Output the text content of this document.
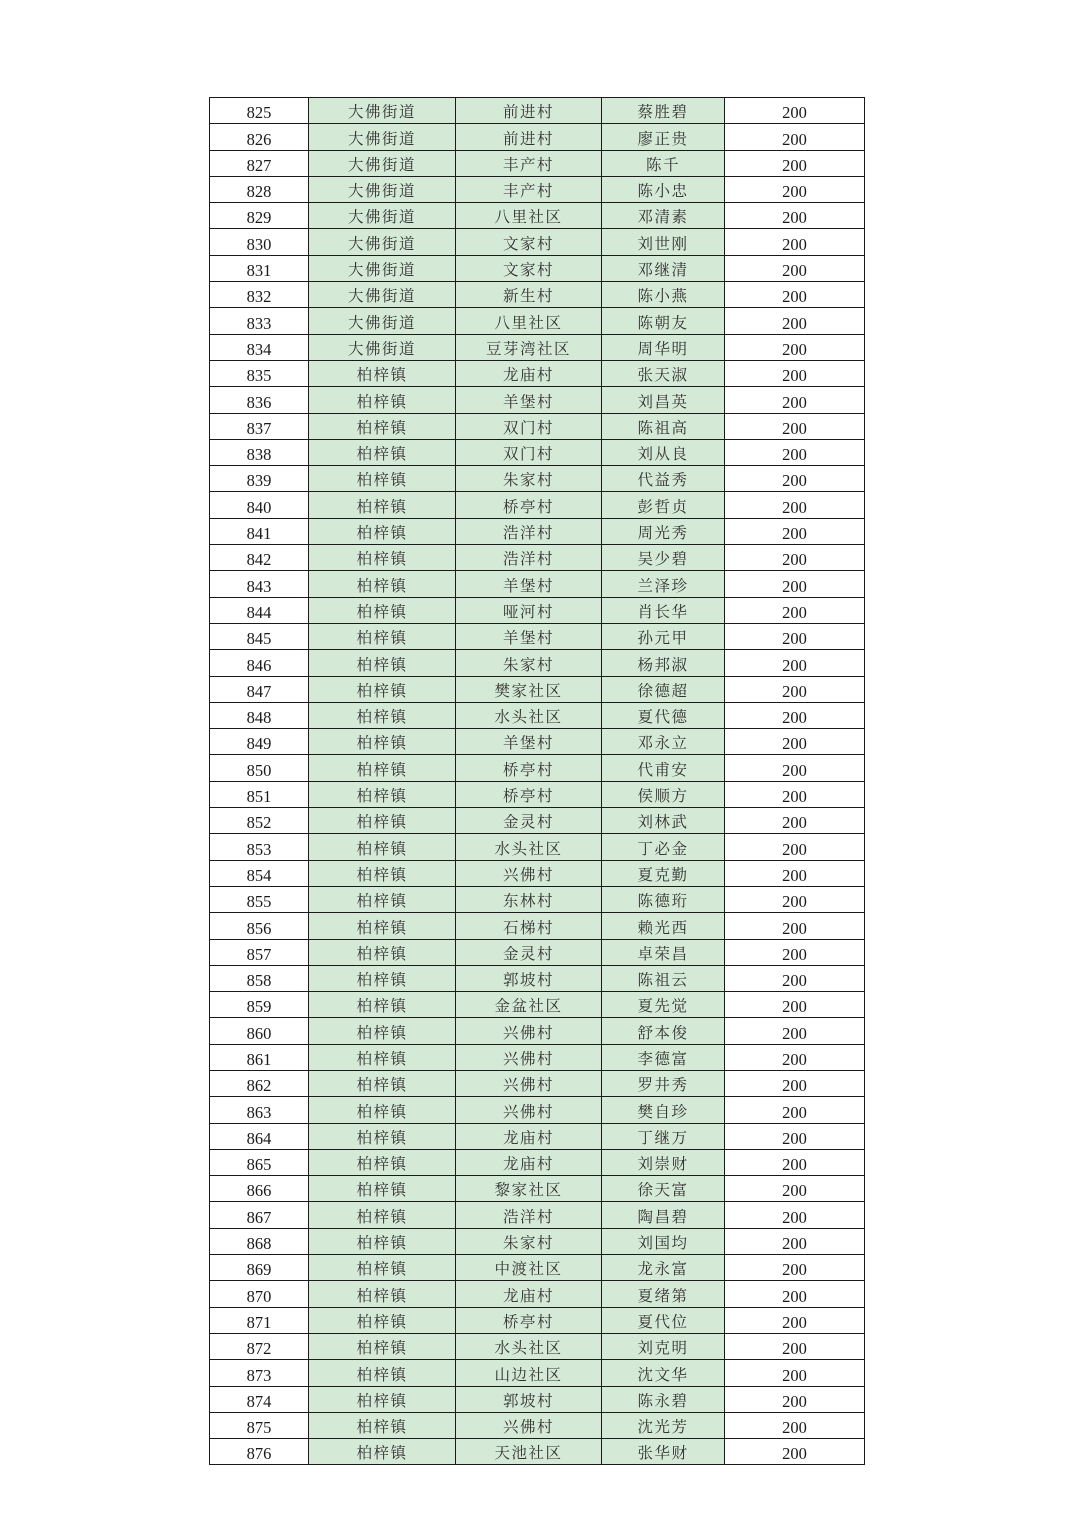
825	大佛街道	前进村	蔡胜碧	200
826	大佛街道	前进村	廖正贵	200
827	大佛街道	丰产村	陈千	200
828	大佛街道	丰产村	陈小忠	200
829	大佛街道	八里社区	邓清素	200
830	大佛街道	文家村	刘世刚	200
831	大佛街道	文家村	邓继清	200
832	大佛街道	新生村	陈小燕	200
833	大佛街道	八里社区	陈朝友	200
834	大佛街道	豆芽湾社区	周华明	200
835	柏梓镇	龙庙村	张天淑	200
836	柏梓镇	羊堡村	刘昌英	200
837	柏梓镇	双门村	陈祖高	200
838	柏梓镇	双门村	刘从良	200
839	柏梓镇	朱家村	代益秀	200
840	柏梓镇	桥亭村	彭哲贞	200
841	柏梓镇	浩洋村	周光秀	200
842	柏梓镇	浩洋村	吴少碧	200
843	柏梓镇	羊堡村	兰泽珍	200
844	柏梓镇	哑河村	肖长华	200
845	柏梓镇	羊堡村	孙元甲	200
846	柏梓镇	朱家村	杨邦淑	200
847	柏梓镇	樊家社区	徐德超	200
848	柏梓镇	水头社区	夏代德	200
849	柏梓镇	羊堡村	邓永立	200
850	柏梓镇	桥亭村	代甫安	200
851	柏梓镇	桥亭村	侯顺方	200
852	柏梓镇	金灵村	刘林武	200
853	柏梓镇	水头社区	丁必金	200
854	柏梓镇	兴佛村	夏克勤	200
855	柏梓镇	东林村	陈德珩	200
856	柏梓镇	石梯村	赖光西	200
857	柏梓镇	金灵村	卓荣昌	200
858	柏梓镇	郭坡村	陈祖云	200
859	柏梓镇	金盆社区	夏先觉	200
860	柏梓镇	兴佛村	舒本俊	200
861	柏梓镇	兴佛村	李德富	200
862	柏梓镇	兴佛村	罗井秀	200
863	柏梓镇	兴佛村	樊自珍	200
864	柏梓镇	龙庙村	丁继万	200
865	柏梓镇	龙庙村	刘崇财	200
866	柏梓镇	黎家社区	徐天富	200
867	柏梓镇	浩洋村	陶昌碧	200
868	柏梓镇	朱家村	刘国均	200
869	柏梓镇	中渡社区	龙永富	200
870	柏梓镇	龙庙村	夏绪第	200
871	柏梓镇	桥亭村	夏代位	200
872	柏梓镇	水头社区	刘克明	200
873	柏梓镇	山边社区	沈文华	200
874	柏梓镇	郭坡村	陈永碧	200
875	柏梓镇	兴佛村	沈光芳	200
876	柏梓镇	天池社区	张华财	200
